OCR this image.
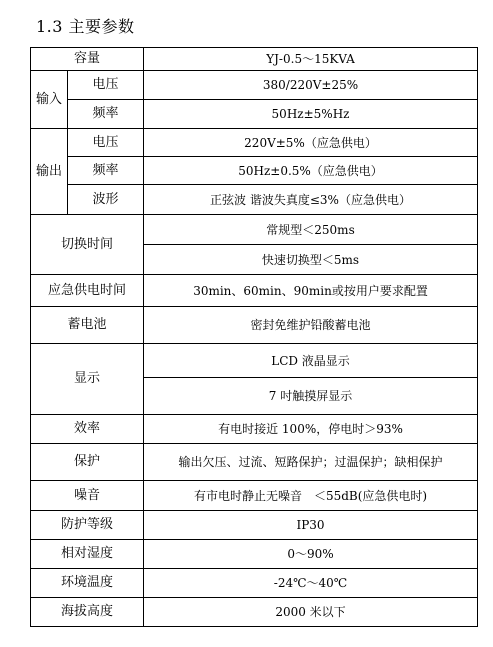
1.3 主要参数
容量		YJ-0.5～15KVA
输入	电压	380/220V±25%
	频率	50Hz±5%Hz
输出	电压	220V±5%（应急供电）
	频率	50Hz±0.5%（应急供电）
	波形	正弦波 谐波失真度≤3%（应急供电）
切换时间		常规型＜250ms
		快速切换型＜5ms
应急供电时间		30min、60min、90min或按用户要求配置
蓄电池		密封免维护铅酸蓄电池
显示		LCD 液晶显示
		7 吋触摸屏显示
效率		有电时接近 100%，停电时＞93%
保护		输出欠压、过流、短路保护；过温保护；缺相保护
噪音		有市电时静止无噪音　＜55dB(应急供电时)
防护等级		IP30
相对湿度		0～90%
环境温度		-24℃～40℃
海拔高度		2000 米以下
